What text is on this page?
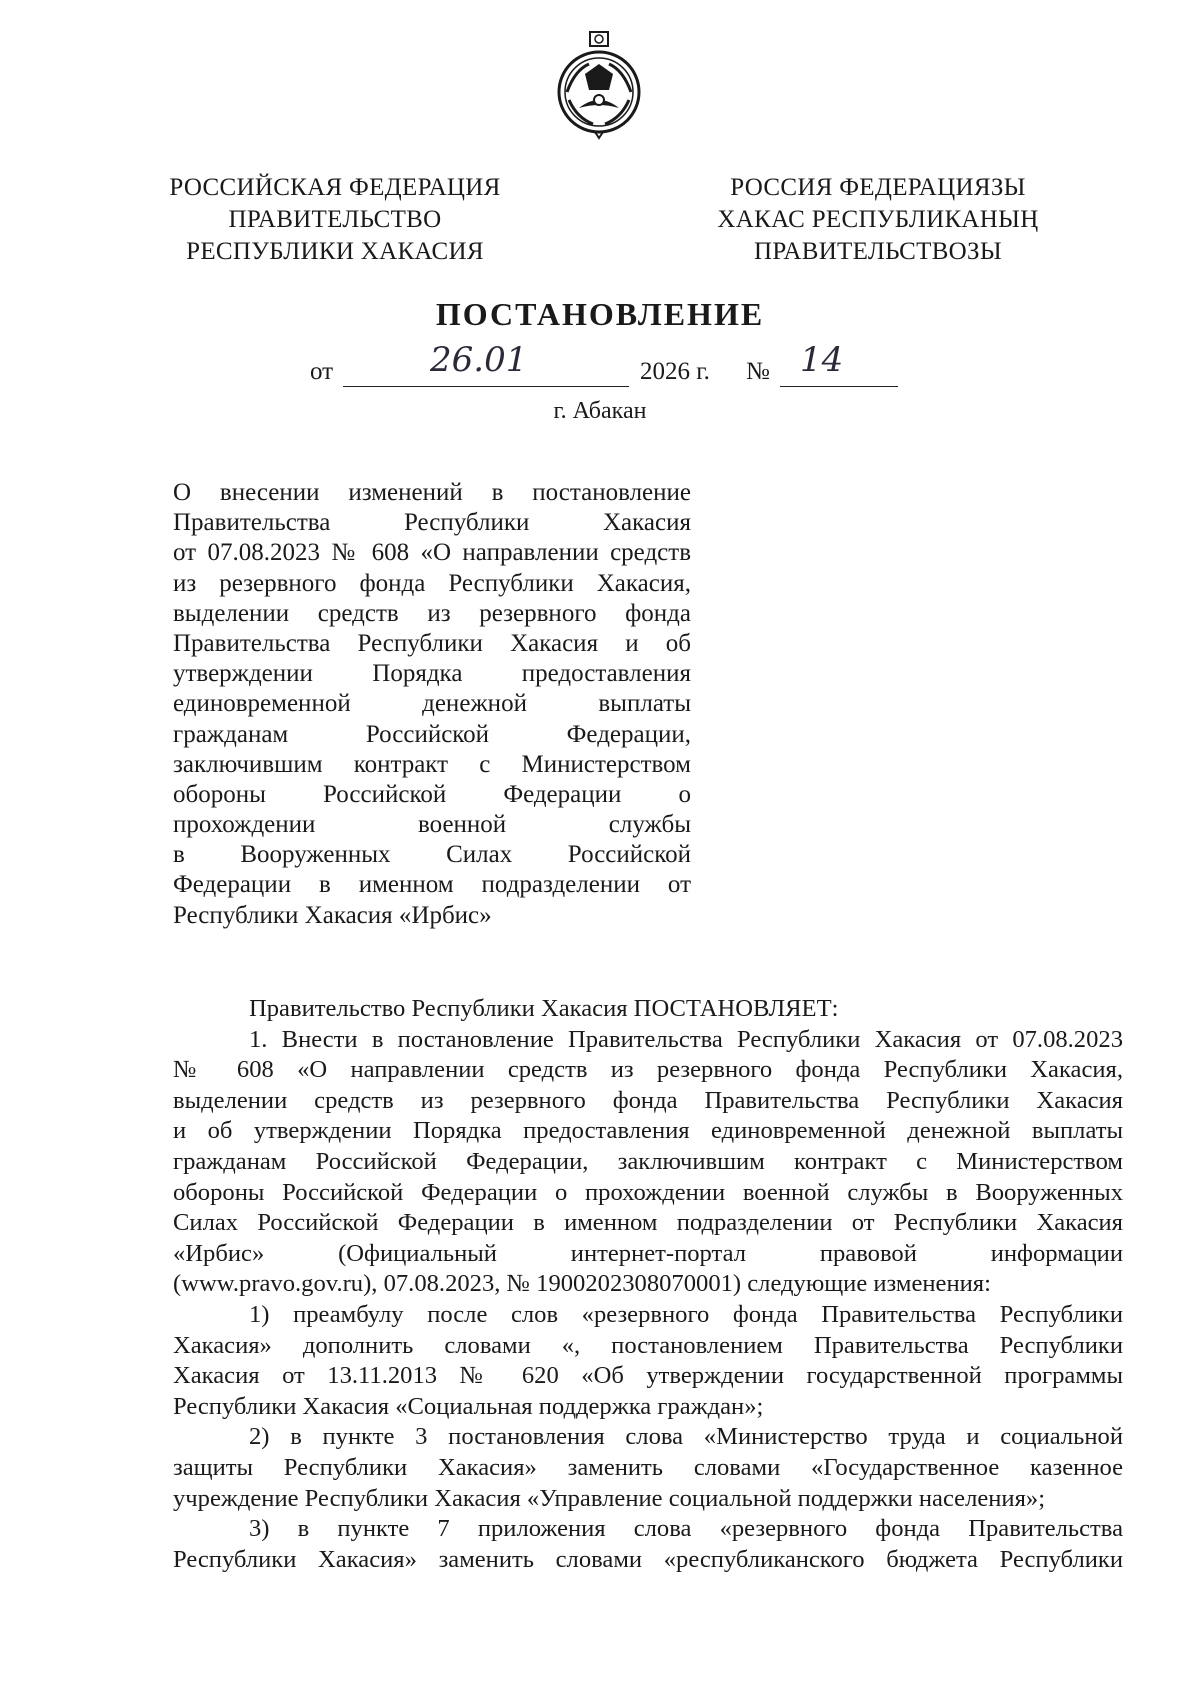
РОССИЙСКАЯ ФЕДЕРАЦИЯ
ПРАВИТЕЛЬСТВО
РЕСПУБЛИКИ ХАКАСИЯ
РОССИЯ ФЕДЕРАЦИЯЗЫ
ХАКАС РЕСПУБЛИКАНЫҢ
ПРАВИТЕЛЬСТВОЗЫ
ПОСТАНОВЛЕНИЕ
от	26.01	2026 г. № 14
г. Абакан
О внесении изменений в постановление
Правительства Республики Хакасия
от 07.08.2023 № 608 «О направлении средств
из резервного фонда Республики Хакасия,
выделении средств из резервного фонда
Правительства Республики Хакасия и об
утверждении Порядка предоставления
единовременной денежной выплаты
гражданам Российской Федерации,
заключившим контракт с Министерством
обороны Российской Федерации о
прохождении военной службы
в Вооруженных Силах Российской
Федерации в именном подразделении от
Республики Хакасия «Ирбис»
Правительство Республики Хакасия ПОСТАНОВЛЯЕТ:
1. Внести в постановление Правительства Республики Хакасия от 07.08.2023
№ 608 «О направлении средств из резервного фонда Республики Хакасия,
выделении средств из резервного фонда Правительства Республики Хакасия
и об утверждении Порядка предоставления единовременной денежной выплаты
гражданам Российской Федерации, заключившим контракт с Министерством
обороны Российской Федерации о прохождении военной службы в Вооруженных
Силах Российской Федерации в именном подразделении от Республики Хакасия
«Ирбис» (Официальный интернет-портал правовой информации
(www.pravo.gov.ru), 07.08.2023, № 1900202308070001) следующие изменения:
1) преамбулу после слов «резервного фонда Правительства Республики
Хакасия» дополнить словами «, постановлением Правительства Республики
Хакасия от 13.11.2013 № 620 «Об утверждении государственной программы
Республики Хакасия «Социальная поддержка граждан»;
2) в пункте 3 постановления слова «Министерство труда и социальной
защиты Республики Хакасия» заменить словами «Государственное казенное
учреждение Республики Хакасия «Управление социальной поддержки населения»;
3) в пункте 7 приложения слова «резервного фонда Правительства
Республики Хакасия» заменить словами «республиканского бюджета Республики
